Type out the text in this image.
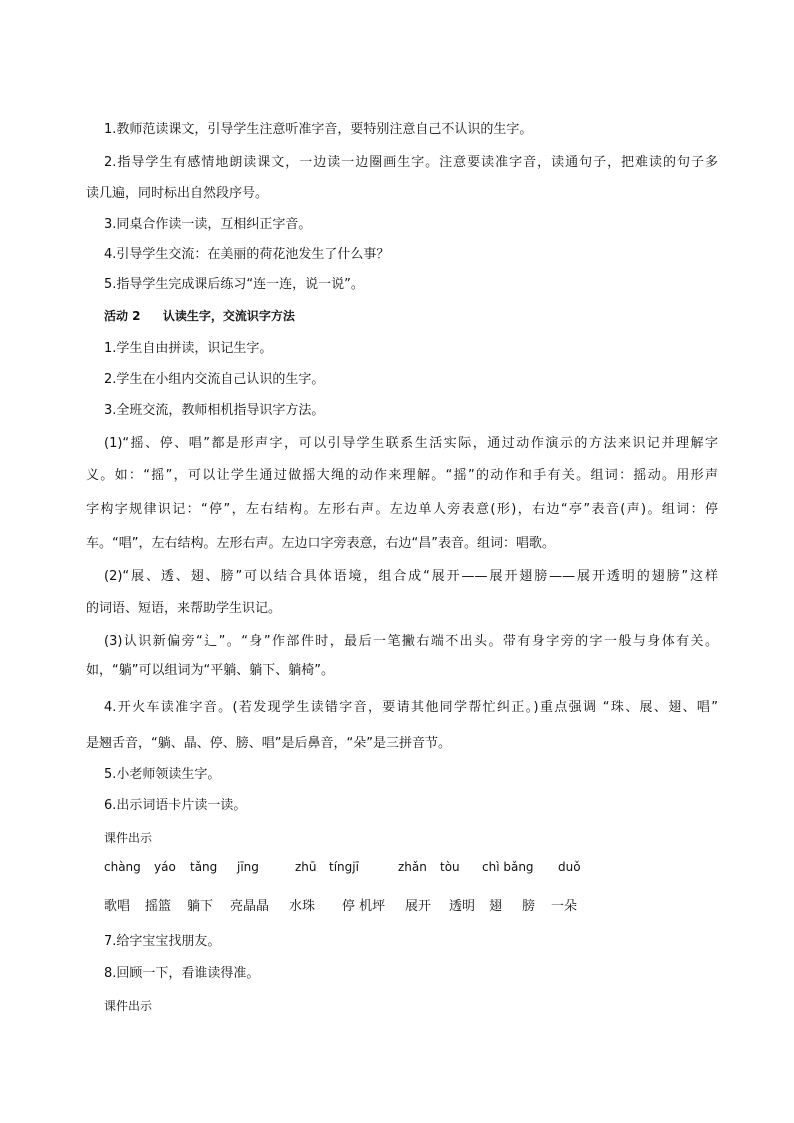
1.教师范读课文，引导学生注意听准字音，要特别注意自己不认识的生字。
2.指导学生有感情地朗读课文，一边读一边圈画生字。注意要读准字音，读通句子，把难读的句子多
读几遍，同时标出自然段序号。
3.同桌合作读一读，互相纠正字音。
4.引导学生交流：在美丽的荷花池发生了什么事？
5.指导学生完成课后练习“连一连，说一说”。
活动 2 认读生字，交流识字方法
1.学生自由拼读，识记生字。
2.学生在小组内交流自己认识的生字。
3.全班交流，教师相机指导识字方法。
(1)“摇、停、唱”都是形声字，可以引导学生联系生活实际，通过动作演示的方法来识记并理解字
义。如：“摇”，可以让学生通过做摇大绳的动作来理解。“摇”的动作和手有关。组词：摇动。用形声
字构字规律识记：“停”，左右结构。左形右声。左边单人旁表意(形)，右边“亭”表音(声)。组词：停
车。“唱”，左右结构。左形右声。左边口字旁表意，右边“昌”表音。组词：唱歌。
(2)“展、透、翅、膀”可以结合具体语境，组合成“展开——展开翅膀——展开透明的翅膀”这样
的词语、短语，来帮助学生识记。
(3)认识新偏旁“⻍”。“身”作部件时，最后一笔撇右端不出头。带有身字旁的字一般与身体有关。
如，“躺”可以组词为“平躺、躺下、躺椅”。
4.开火车读准字音。(若发现学生读错字音，要请其他同学帮忙纠正。)重点强调 “珠、展、翅、唱”
是翘舌音，“躺、晶、停、膀、唱”是后鼻音，“朵”是三拼音节。
5.小老师领读生字。
6.出示词语卡片读一读。
课件出示
chàng yáo tǎng jīng	zhū tíngjī	zhǎn tòu chì bǎng duǒ
歌唱 摇篮 躺下 亮晶晶 水珠 停 机坪 展开 透明 翅 膀 一朵
7.给字宝宝找朋友。
8.回顾一下，看谁读得准。
课件出示
